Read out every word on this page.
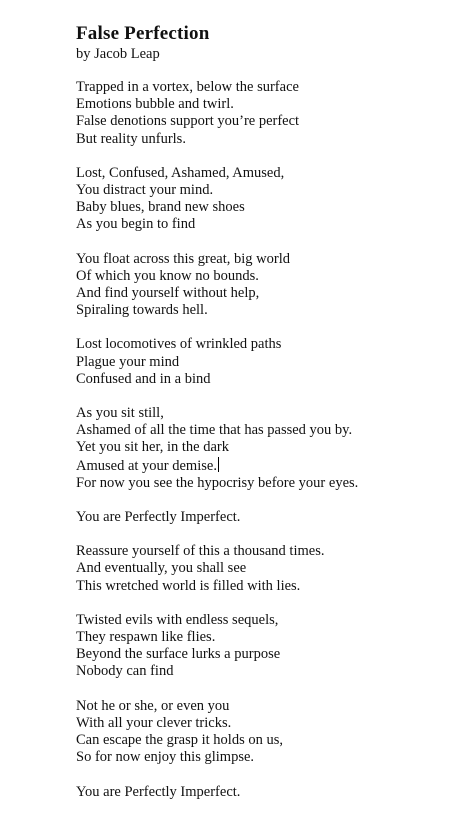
False Perfection
by Jacob Leap
Trapped in a vortex, below the surface
Emotions bubble and twirl.
False denotions support you’re perfect
But reality unfurls.
Lost, Confused, Ashamed, Amused,
You distract your mind.
Baby blues, brand new shoes
As you begin to find
You float across this great, big world
Of which you know no bounds.
And find yourself without help,
Spiraling towards hell.
Lost locomotives of wrinkled paths
Plague your mind
Confused and in a bind
As you sit still,
Ashamed of all the time that has passed you by.
Yet you sit her, in the dark
Amused at your demise.
For now you see the hypocrisy before your eyes.
You are Perfectly Imperfect.
Reassure yourself of this a thousand times.
And eventually, you shall see
This wretched world is filled with lies.
Twisted evils with endless sequels,
They respawn like flies.
Beyond the surface lurks a purpose
Nobody can find
Not he or she, or even you
With all your clever tricks.
Can escape the grasp it holds on us,
So for now enjoy this glimpse.
You are Perfectly Imperfect.
